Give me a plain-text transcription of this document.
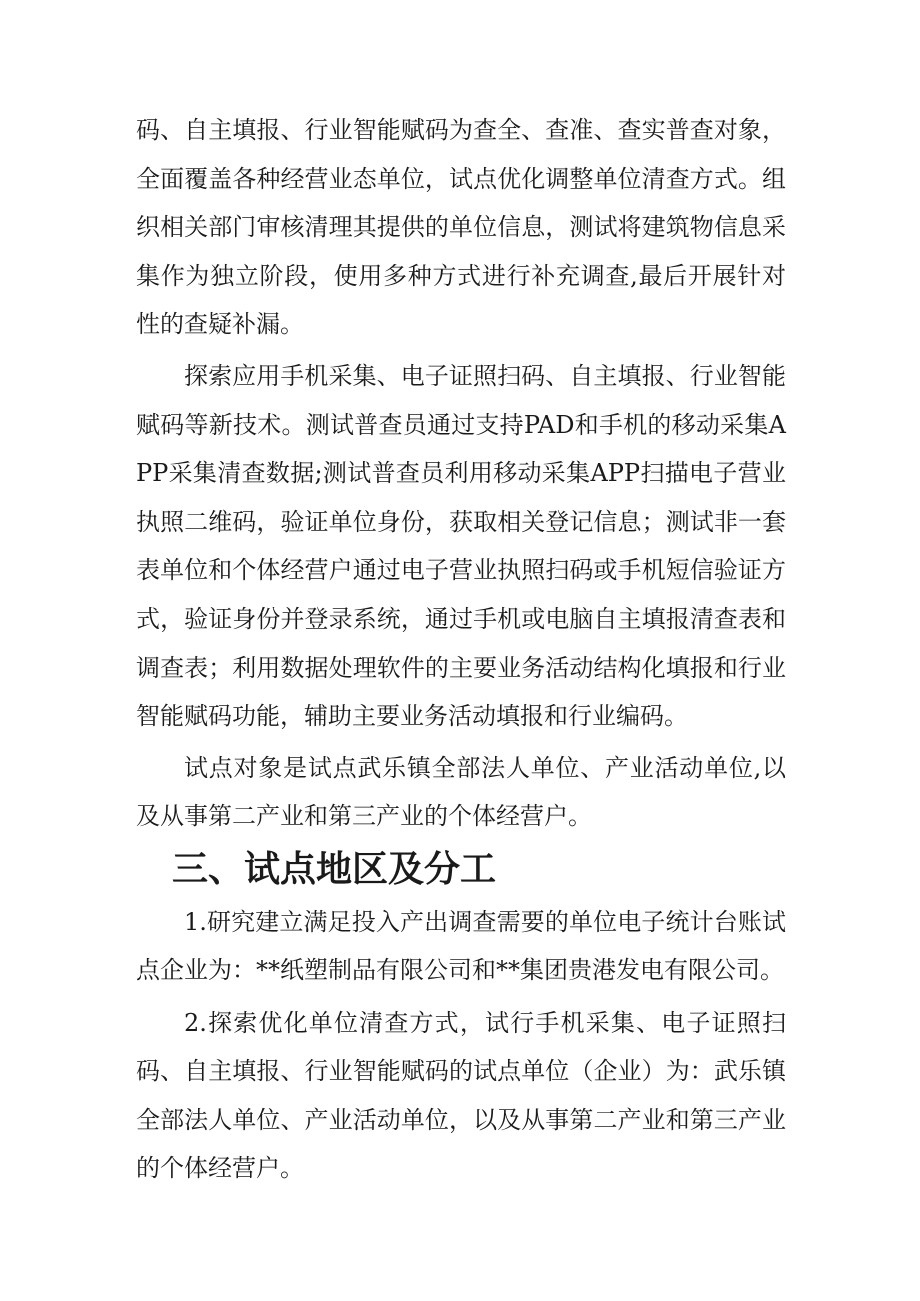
码、自主填报、行业智能赋码为查全、查准、查实普查对象，全面覆盖各种经营业态单位，试点优化调整单位清查方式。组织相关部门审核清理其提供的单位信息，测试将建筑物信息采集作为独立阶段，使用多种方式进行补充调查,最后开展针对性的查疑补漏。

探索应用手机采集、电子证照扫码、自主填报、行业智能赋码等新技术。测试普查员通过支持PAD和手机的移动采集APP采集清查数据;测试普查员利用移动采集APP扫描电子营业执照二维码，验证单位身份，获取相关登记信息；测试非一套表单位和个体经营户通过电子营业执照扫码或手机短信验证方式，验证身份并登录系统，通过手机或电脑自主填报清查表和调查表；利用数据处理软件的主要业务活动结构化填报和行业智能赋码功能，辅助主要业务活动填报和行业编码。

试点对象是试点武乐镇全部法人单位、产业活动单位,以及从事第二产业和第三产业的个体经营户。

三、试点地区及分工

1.研究建立满足投入产出调查需要的单位电子统计台账试点企业为：**纸塑制品有限公司和**集团贵港发电有限公司。

2.探索优化单位清查方式，试行手机采集、电子证照扫码、自主填报、行业智能赋码的试点单位（企业）为：武乐镇全部法人单位、产业活动单位，以及从事第二产业和第三产业的个体经营户。
